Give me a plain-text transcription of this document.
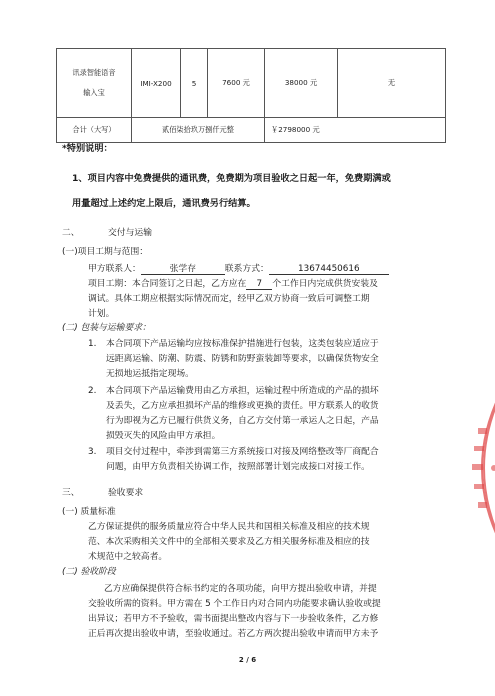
讯录智能语音
输入宝	IMI-X200	5	7600 元	38000 元	无
合计（大写）	贰佰柒拾玖万捌仟元整			￥2798000 元	
*特别说明：
1、项目内容中免费提供的通讯费，免费期为项目验收之日起一年，免费期满或
用量超过上述约定上限后，通讯费另行结算。
二、	交付与运输
(一)项目工期与范围：
甲方联系人：	张学存	联系方式：	13674450616
项目工期：本合同签订之日起，乙方应在 7 个工作日内完成供货安装及
调试。具体工期应根据实际情况而定，经甲乙双方协商一致后可调整工期
计划。
(二) 包装与运输要求：
1. 本合同项下产品运输均应按标准保护措施进行包装，这类包装应适应于
远距离运输、防潮、防震、防锈和防野蛮装卸等要求，以确保货物安全
无损地运抵指定现场。
2. 本合同项下产品运输费用由乙方承担，运输过程中所造成的产品的损坏
及丢失，乙方应承担损坏产品的维修或更换的责任。甲方联系人的收货
行为即视为乙方已履行供货义务，自乙方交付第一承运人之日起，产品
损毁灭失的风险由甲方承担。
3. 项目交付过程中，牵涉到需第三方系统接口对接及网络整改等厂商配合
问题，由甲方负责相关协调工作，按照部署计划完成接口对接工作。
三、	验收要求
(一) 质量标准
乙方保证提供的服务质量应符合中华人民共和国相关标准及相应的技术规
范、本次采购相关文件中的全部相关要求及乙方相关服务标准及相应的技
术规范中之较高者。
(二) 验收阶段
乙方应确保提供符合标书约定的各项功能，向甲方提出验收申请，并提
交验收所需的资料。甲方需在 5 个工作日内对合同内功能要求确认验收或提
出异议；若甲方不予验收，需书面提出整改内容与下一步验收条件，乙方修
正后再次提出验收申请，至验收通过。若乙方两次提出验收申请而甲方未予
2 / 6
